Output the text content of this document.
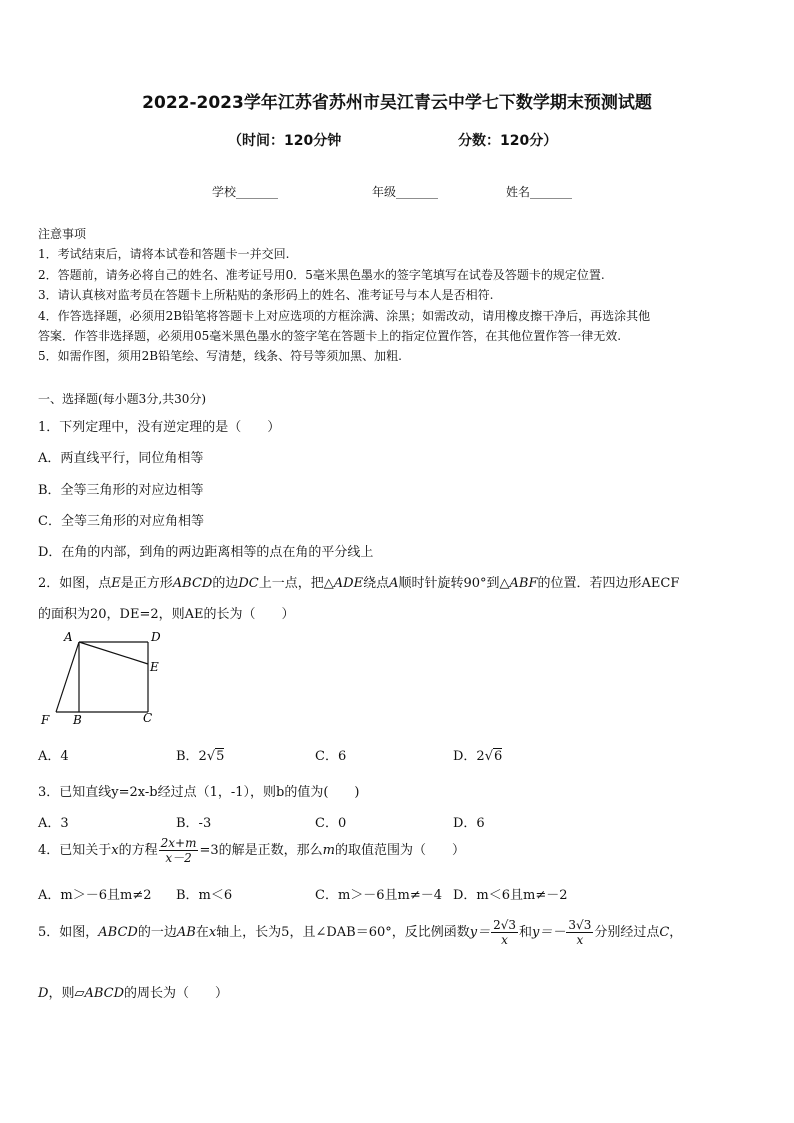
2022-2023学年江苏省苏州市吴江青云中学七下数学期末预测试题
（时间：120分钟	分数：120分）
学校_______	年级_______	姓名_______

注意事项

1．考试结束后，请将本试卷和答题卡一并交回.

2．答题前，请务必将自己的姓名、准考证号用0．5毫米黑色墨水的签字笔填写在试卷及答题卡的规定位置.

3．请认真核对监考员在答题卡上所粘贴的条形码上的姓名、准考证号与本人是否相符.

4．作答选择题，必须用2B铅笔将答题卡上对应选项的方框涂满、涂黑；如需改动，请用橡皮擦干净后，再选涂其他

答案．作答非选择题，必须用05毫米黑色墨水的签字笔在答题卡上的指定位置作答，在其他位置作答一律无效.

5．如需作图，须用2B铅笔绘、写清楚，线条、符号等须加黑、加粗.

一、选择题(每小题3分,共30分)
1．下列定理中，没有逆定理的是（　　）
A．两直线平行，同位角相等
B．全等三角形的对应边相等
C．全等三角形的对应角相等
D．在角的内部，到角的两边距离相等的点在角的平分线上
2．如图，点E是正方形ABCD的边DC上一点，把△ADE绕点A顺时针旋转90°到△ABF的位置．若四边形AECF
的面积为20，DE=2，则AE的长为（　　）
A	D
E
F B	C
A．4	B．2√5	C．6	D．2√6
3．已知直线y=2x-b经过点（1，-1），则b的值为(　　)
A．3	B．-3	C．0	D．6
4．已知关于x的方程 $\frac{2x+m}{x-2} =3$的解是正数，那么m的取值范围为（　　）
A．m＞－6且m≠2 B．m＜6	C．m＞－6且m≠－4 D．m＜6且m≠－2
5．如图，ABCD的一边AB在x轴上，长为5，且∠DAB＝60°，反比例函数$y= \frac{2√3}{x}$ 和$y=- \frac{3√3}{x}$ 分别经过点C，
D，则▱ABCD的周长为（　　）
